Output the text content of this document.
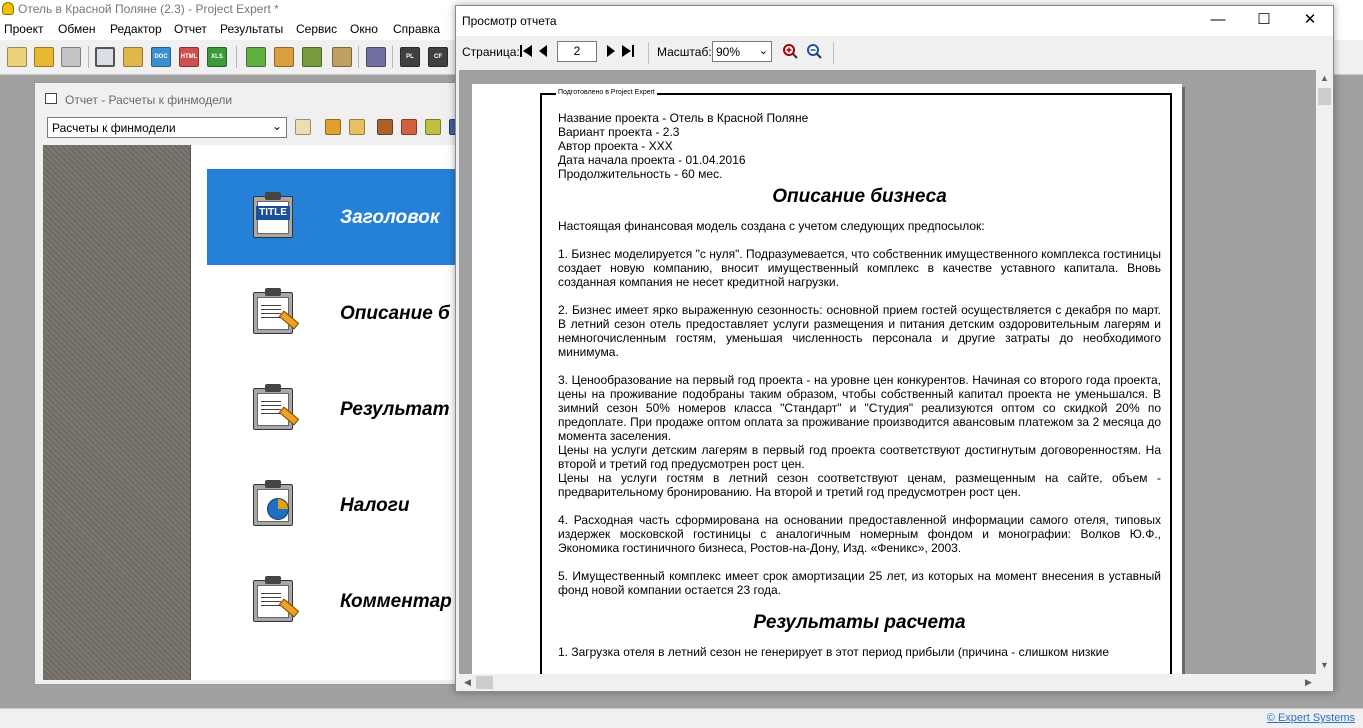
Отель в Красной Поляне (2.3) - Project Expert *
Проект Обмен Редактор Отчет Результаты Сервис Окно Справка
DOC	HTML	XLS	PL	CF
Отчет - Расчеты к финмодели
Расчеты к финмодели	⌄
TITLE	Заголовок
Описание б
Результат
Налоги
Комментар
Просмотр отчета	—	☐	✕
Страница:	2	Масштаб: 90% ⌄
Подготовлено в Project Expert
Название проекта - Отель в Красной Поляне
Вариант проекта - 2.3
Автор проекта - XXX
Дата начала проекта - 01.04.2016
Продолжительность - 60 мес.
Описание бизнеса

Настоящая финансовая модель создана с учетом следующих предпосылок:

1. Бизнес моделируется "с нуля". Подразумевается, что собственник имущественного комплекса гостиницы создает новую компанию, вносит имущественный комплекс в качестве уставного капитала. Вновь созданная компания не несет кредитной нагрузки.

2. Бизнес имеет ярко выраженную сезонность: основной прием гостей осуществляется с декабря по март. В летний сезон отель предоставляет услуги размещения и питания детским оздоровительным лагерям и немногочисленным гостям, уменьшая численность персонала и другие затраты до необходимого минимума.

3. Ценообразование на первый год проекта - на уровне цен конкурентов. Начиная со второго года проекта, цены на проживание подобраны таким образом, чтобы собственный капитал проекта не уменьшался. В зимний сезон 50% номеров класса "Стандарт" и "Студия" реализуются оптом со скидкой 20% по предоплате. При продаже оптом оплата за проживание производится авансовым платежом за 2 месяца до момента заселения.

Цены на услуги детским лагерям в первый год проекта соответствуют достигнутым договоренностям. На второй и третий год предусмотрен рост цен.

Цены на услуги гостям в летний сезон соответствуют ценам, размещенным на сайте, объем - предварительному бронированию. На второй и третий год предусмотрен рост цен.

4. Расходная часть сформирована на основании предоставленной информации самого отеля, типовых издержек московской гостиницы с аналогичным номерным фондом и монографии: Волков Ю.Ф., Экономика гостиничного бизнеса, Ростов-на-Дону, Изд. «Феникс», 2003.

5. Имущественный комплекс имеет срок амортизации 25 лет, из которых на момент внесения в уставный фонд новой компании остается 23 года.

Результаты расчета

1. Загрузка отеля в летний сезон не генерирует в этот период прибыли (причина - слишком низкие

▲
▼
◀	▶
© Expert Systems
